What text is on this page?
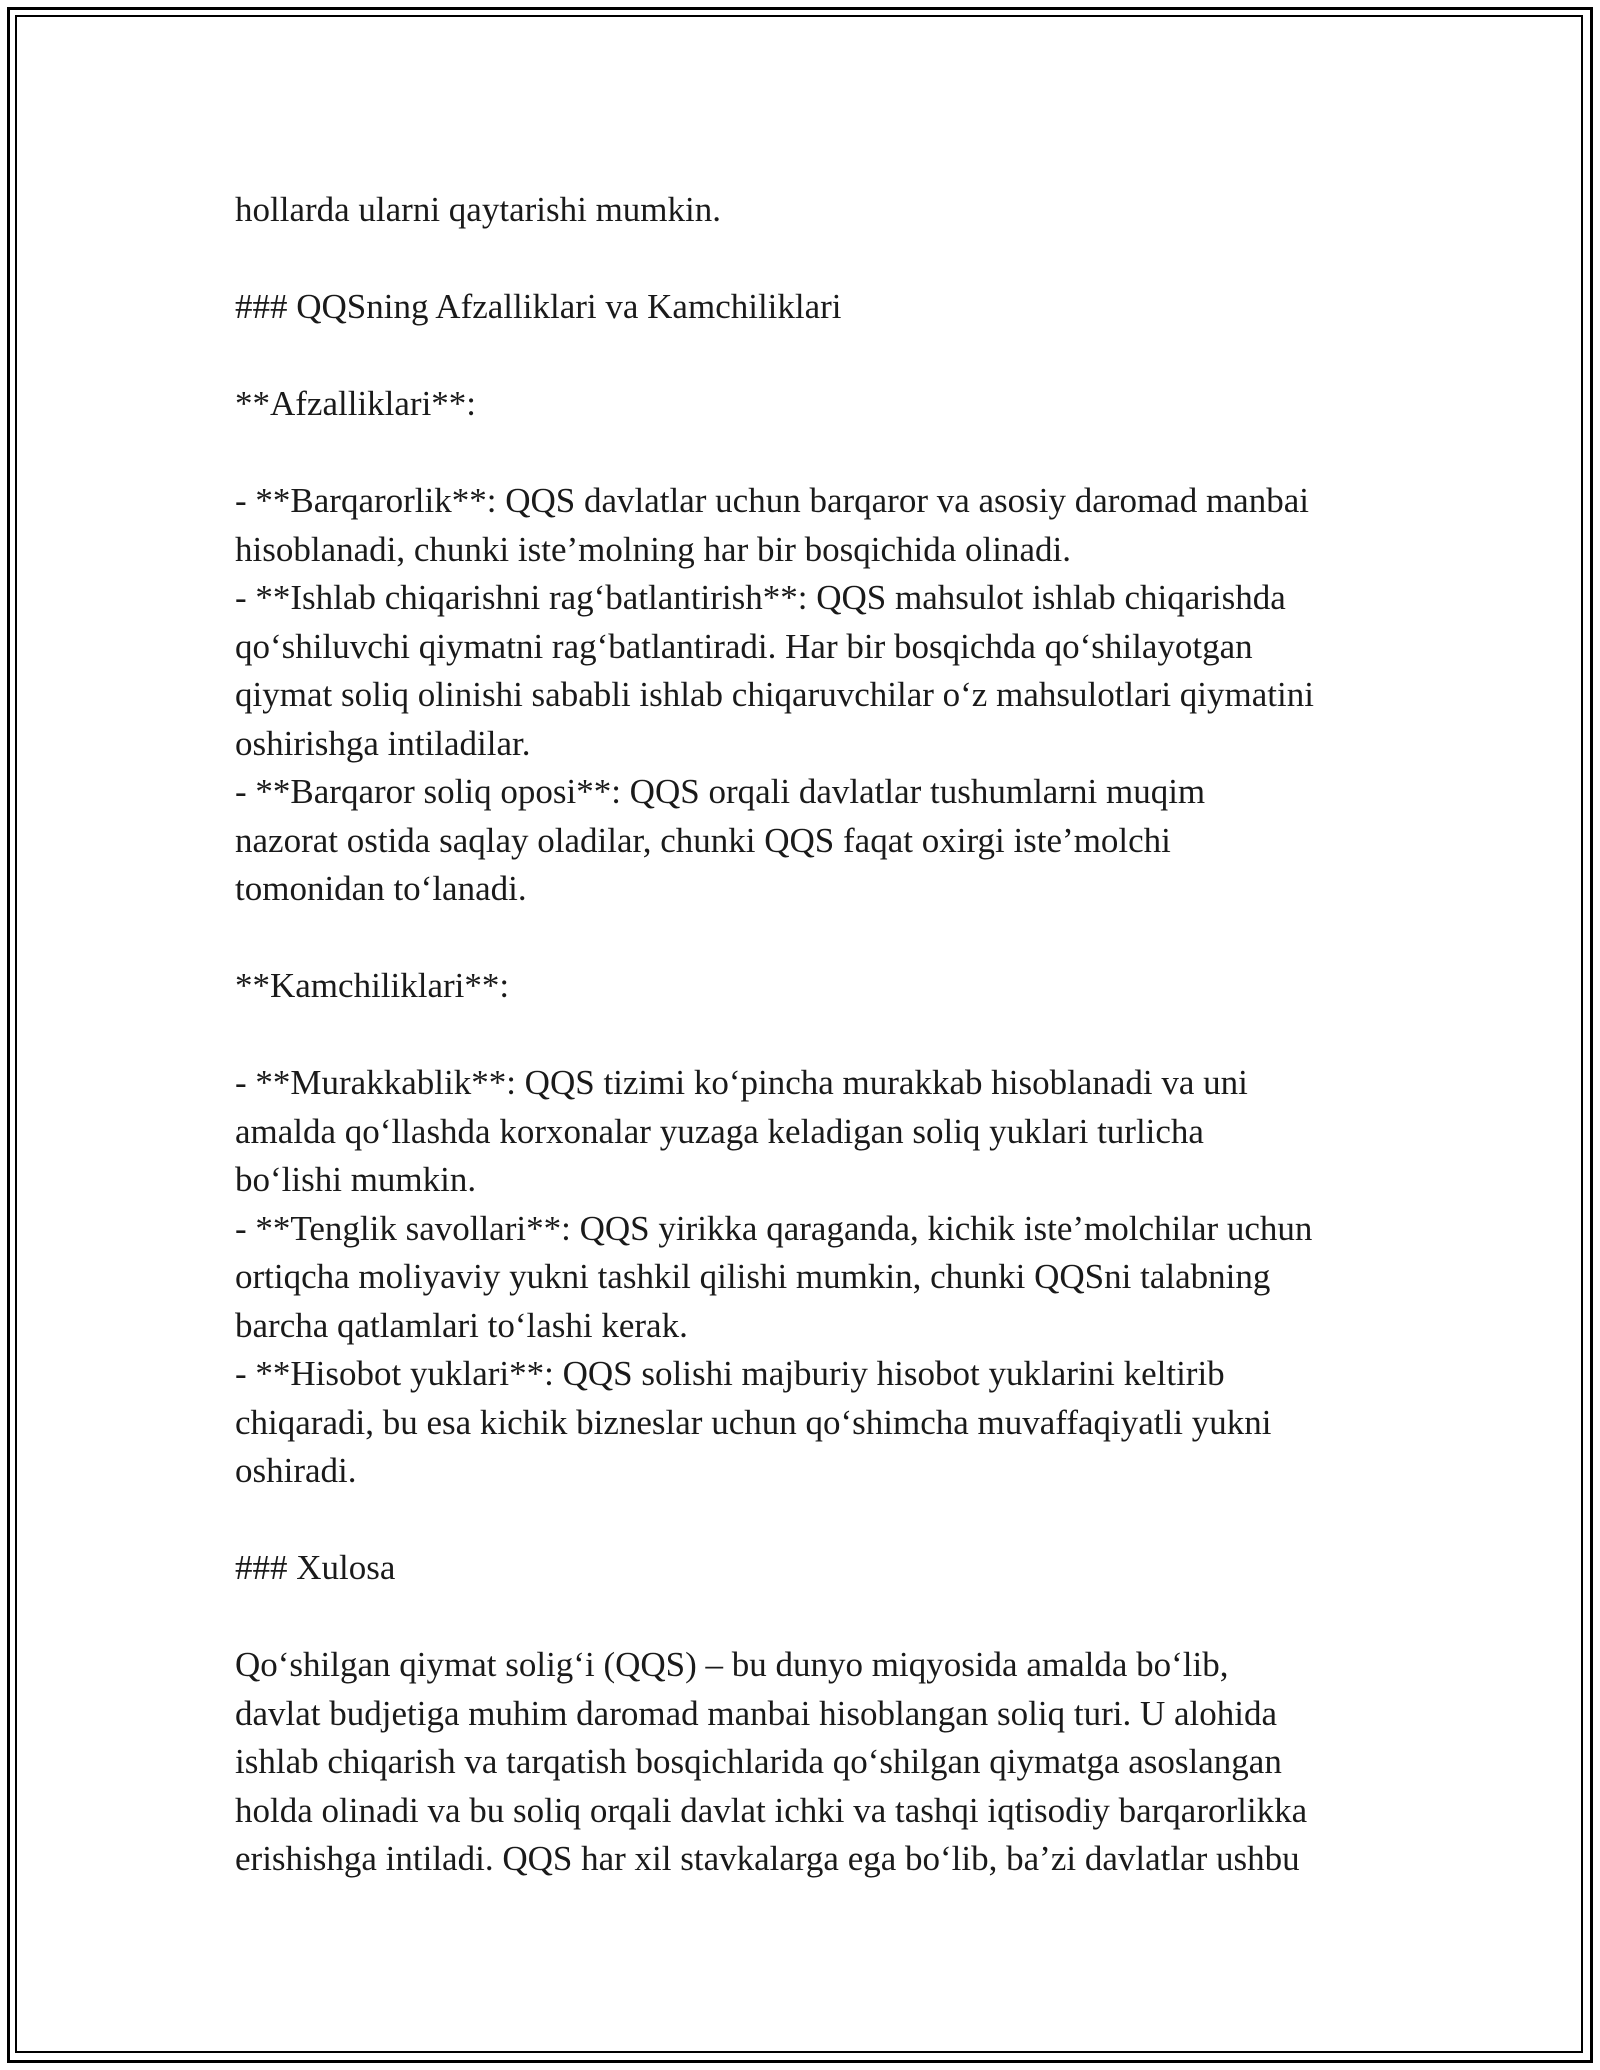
hollarda ularni qaytarishi mumkin.

### QQSning Afzalliklari va Kamchiliklari

**Afzalliklari**:

- **Barqarorlik**: QQS davlatlar uchun barqaror va asosiy daromad manbai

hisoblanadi, chunki iste’molning har bir bosqichida olinadi.

- **Ishlab chiqarishni rag‘batlantirish**: QQS mahsulot ishlab chiqarishda

qo‘shiluvchi qiymatni rag‘batlantiradi. Har bir bosqichda qo‘shilayotgan

qiymat soliq olinishi sababli ishlab chiqaruvchilar o‘z mahsulotlari qiymatini

oshirishga intiladilar.

- **Barqaror soliq oposi**: QQS orqali davlatlar tushumlarni muqim

nazorat ostida saqlay oladilar, chunki QQS faqat oxirgi iste’molchi

tomonidan to‘lanadi.

**Kamchiliklari**:

- **Murakkablik**: QQS tizimi ko‘pincha murakkab hisoblanadi va uni

amalda qo‘llashda korxonalar yuzaga keladigan soliq yuklari turlicha

bo‘lishi mumkin.

- **Tenglik savollari**: QQS yirikka qaraganda, kichik iste’molchilar uchun

ortiqcha moliyaviy yukni tashkil qilishi mumkin, chunki QQSni talabning

barcha qatlamlari to‘lashi kerak.

- **Hisobot yuklari**: QQS solishi majburiy hisobot yuklarini keltirib

chiqaradi, bu esa kichik bizneslar uchun qo‘shimcha muvaffaqiyatli yukni

oshiradi.

### Xulosa

Qo‘shilgan qiymat solig‘i (QQS) – bu dunyo miqyosida amalda bo‘lib,

davlat budjetiga muhim daromad manbai hisoblangan soliq turi. U alohida

ishlab chiqarish va tarqatish bosqichlarida qo‘shilgan qiymatga asoslangan

holda olinadi va bu soliq orqali davlat ichki va tashqi iqtisodiy barqarorlikka

erishishga intiladi. QQS har xil stavkalarga ega bo‘lib, ba’zi davlatlar ushbu
